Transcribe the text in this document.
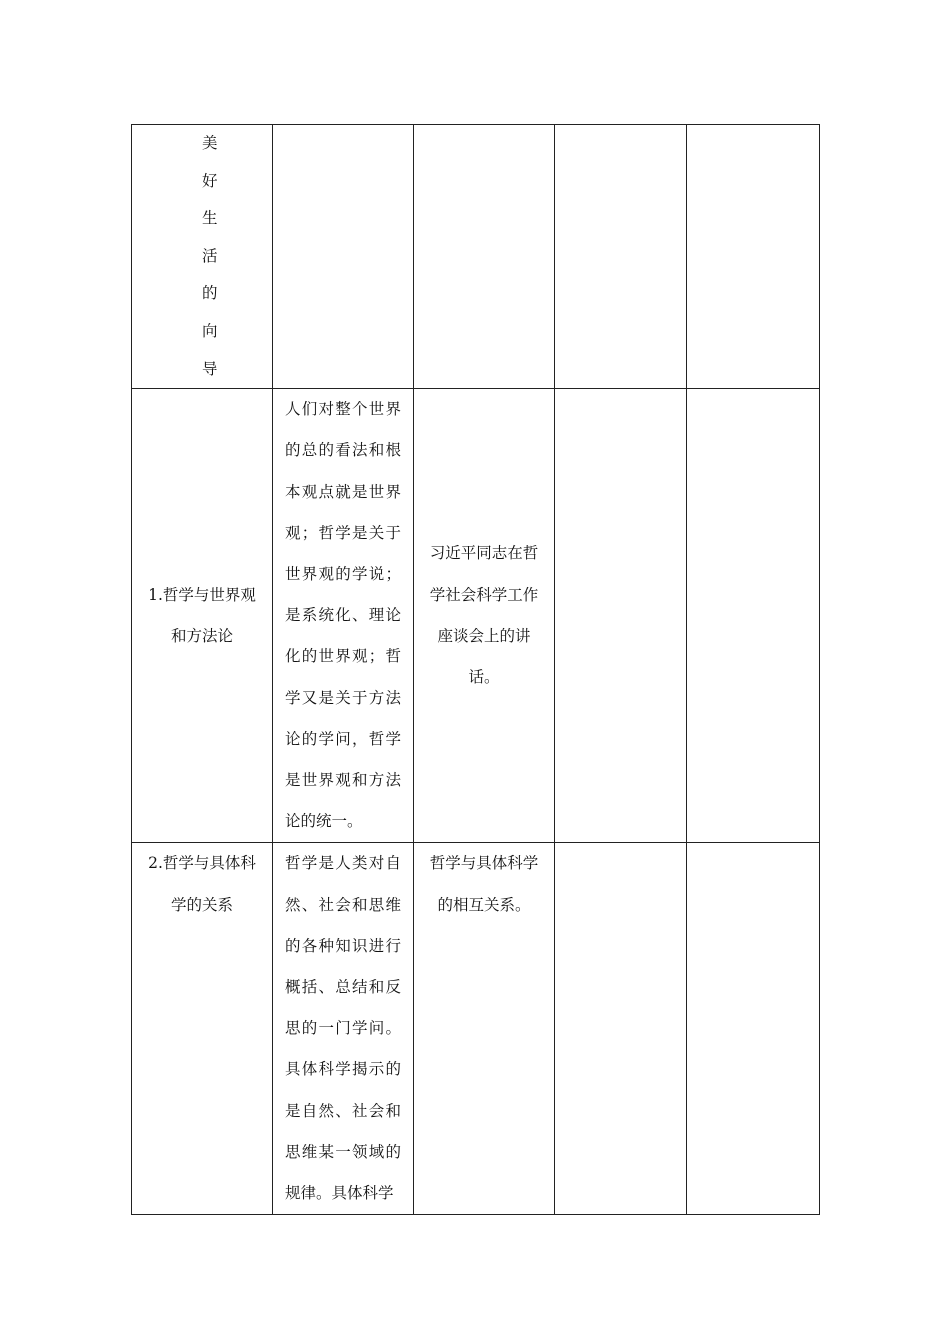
美好生活的向导				

1.哲学与世界观和方法论	人们对整个世界的总的看法和根本观点就是世界观；哲学是关于世界观的学说；是系统化、理论化的世界观；哲学又是关于方法论的学问，哲学是世界观和方法论的统一。	习近平同志在哲学社会科学工作座谈会上的讲话。		
2.哲学与具体科学的关系	哲学是人类对自然、社会和思维的各种知识进行概括、总结和反思的一门学问。具体科学揭示的是自然、社会和思维某一领域的规律。具体科学	哲学与具体科学的相互关系。		
